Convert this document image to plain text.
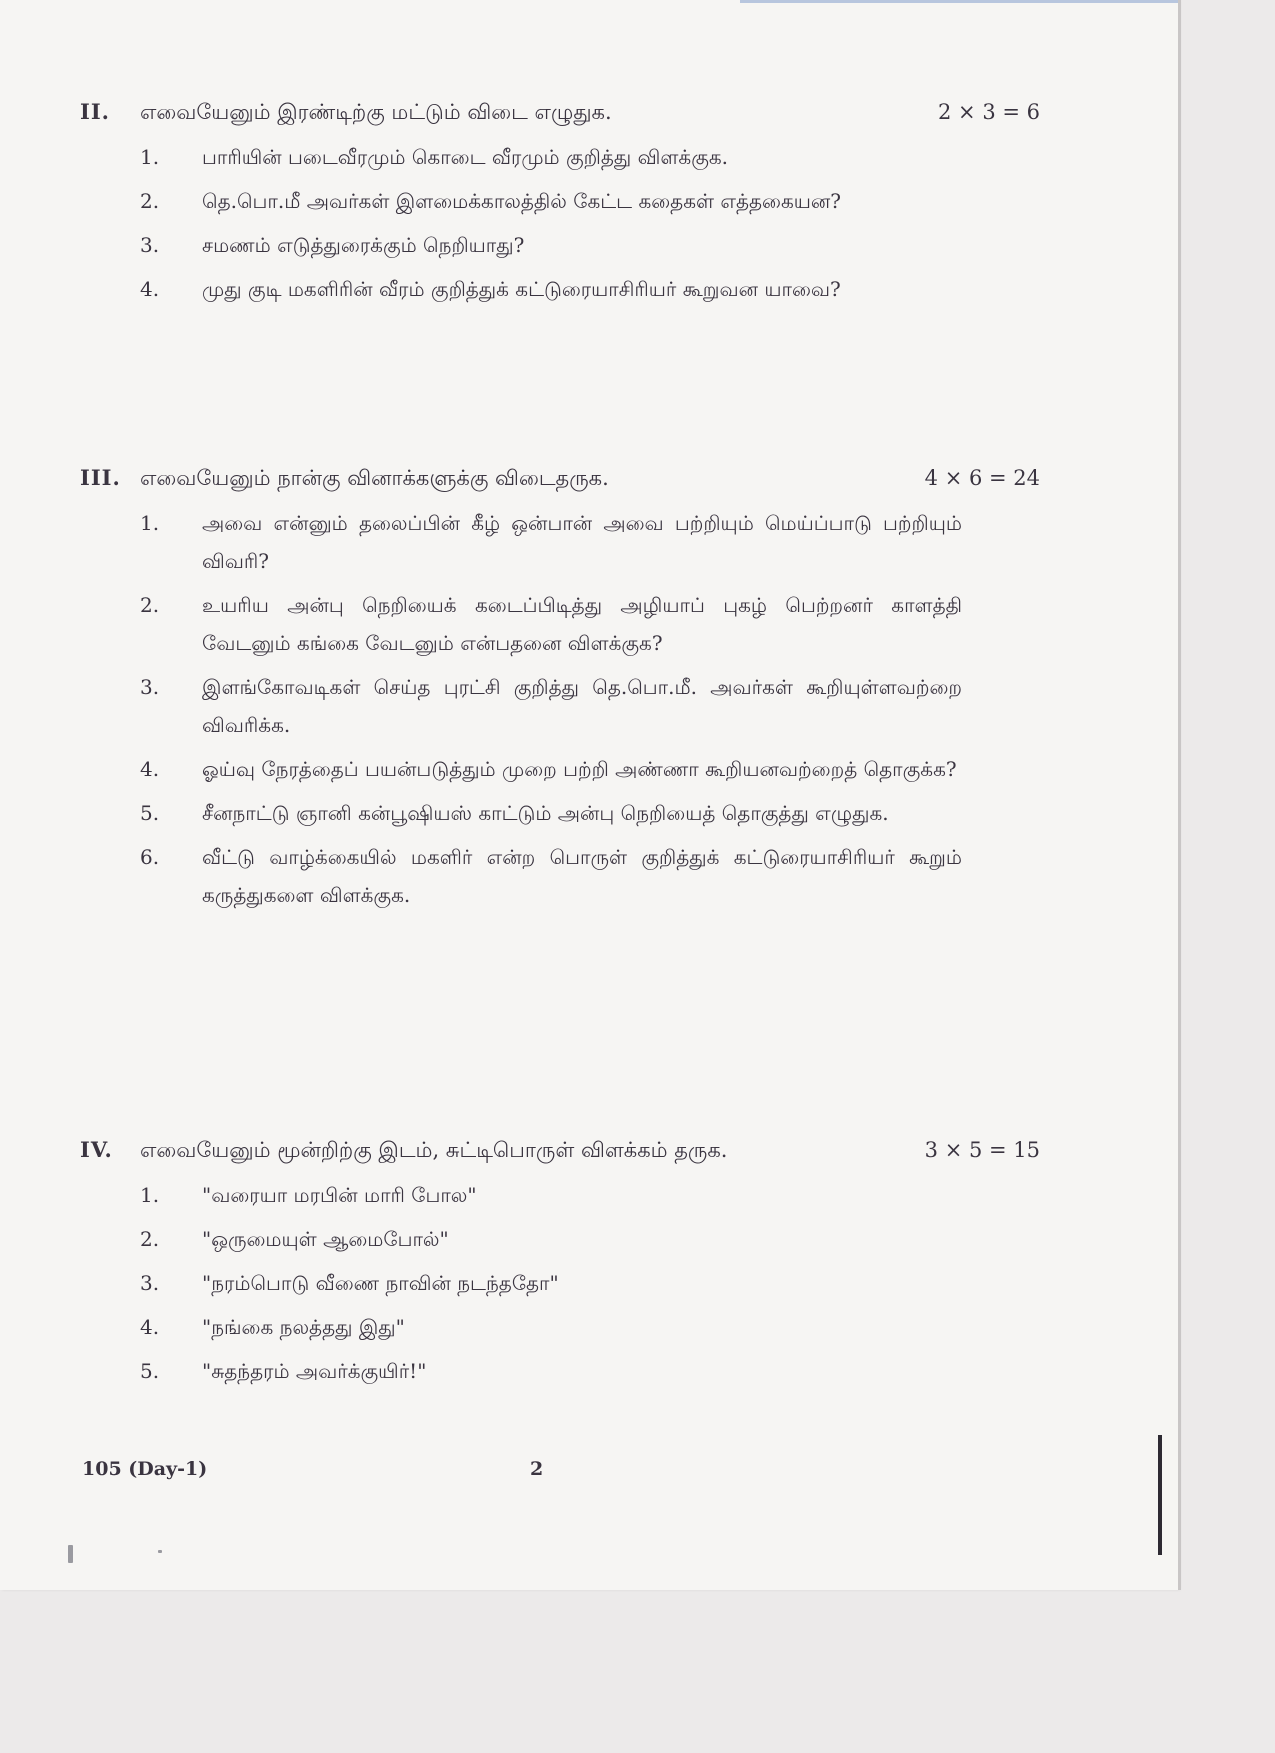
II. எவையேனும் இரண்டிற்கு மட்டும் விடை எழுதுக.	2 × 3 = 6
1.	பாரியின் படைவீரமும் கொடை வீரமும் குறித்து விளக்குக.
2.	தெ.பொ.மீ அவர்கள் இளமைக்காலத்தில் கேட்ட கதைகள் எத்தகையன?
3.	சமணம் எடுத்துரைக்கும் நெறியாது?
4.	முது குடி மகளிரின் வீரம் குறித்துக் கட்டுரையாசிரியர் கூறுவன யாவை?
III. எவையேனும் நான்கு வினாக்களுக்கு விடைதருக.	4 × 6 = 24
1.	அவை என்னும் தலைப்பின் கீழ் ஒன்பான் அவை பற்றியும் மெய்ப்பாடு பற்றியும் விவரி?
2.	உயரிய அன்பு நெறியைக் கடைப்பிடித்து அழியாப் புகழ் பெற்றனர் காளத்தி வேடனும் கங்கை வேடனும் என்பதனை விளக்குக?
3.	இளங்கோவடிகள் செய்த புரட்சி குறித்து தெ.பொ.மீ. அவர்கள் கூறியுள்ளவற்றை விவரிக்க.
4.	ஓய்வு நேரத்தைப் பயன்படுத்தும் முறை பற்றி அண்ணா கூறியனவற்றைத் தொகுக்க?
5.	சீனநாட்டு ஞானி கன்பூஷியஸ் காட்டும் அன்பு நெறியைத் தொகுத்து எழுதுக.
6.	வீட்டு வாழ்க்கையில் மகளிர் என்ற பொருள் குறித்துக் கட்டுரையாசிரியர் கூறும் கருத்துகளை விளக்குக.
IV. எவையேனும் மூன்றிற்கு இடம், சுட்டிபொருள் விளக்கம் தருக.	3 × 5 = 15
1.	"வரையா மரபின் மாரி போல"
2.	"ஒருமையுள் ஆமைபோல்"
3.	"நரம்பொடு வீணை நாவின் நடந்ததோ"
4.	"நங்கை நலத்தது இது"
5.	"சுதந்தரம் அவர்க்குயிர்!"
105 (Day-1)	2
